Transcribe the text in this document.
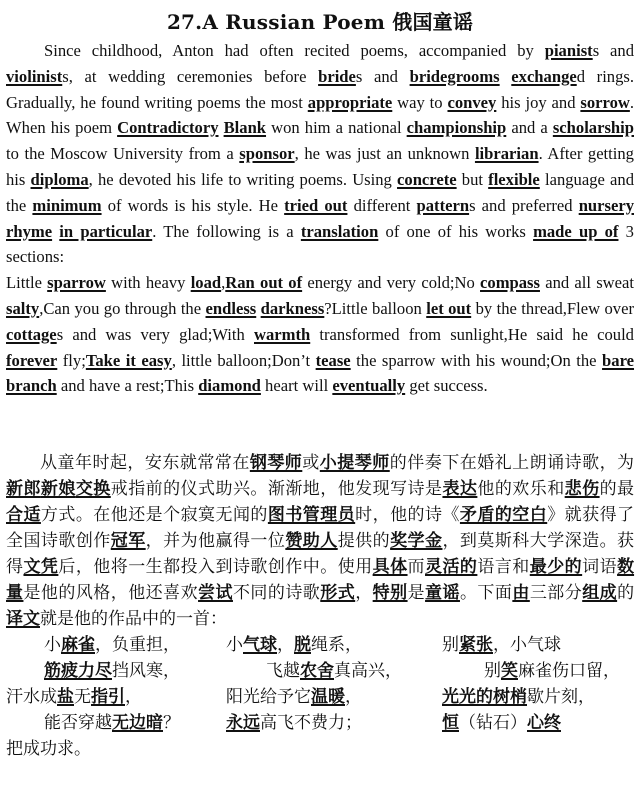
27.A Russian Poem 俄国童谣

Since childhood, Anton had often recited poems, accompanied by pianists and violinists, at wedding ceremonies before brides and bridegrooms exchanged rings. Gradually, he found writing poems the most appropriate way to convey his joy and sorrow. When his poem Contradictory Blank won him a national championship and a scholarship to the Moscow University from a sponsor, he was just an unknown librarian. After getting his diploma, he devoted his life to writing poems. Using concrete but flexible language and the minimum of words is his style. He tried out different patterns and preferred nursery rhyme in particular. The following is a translation of one of his works made up of 3 sections:

Little sparrow with heavy load,Ran out of energy and very cold;No compass and all sweat salty,Can you go through the endless darkness?Little balloon let out by the thread,Flew over cottages and was very glad;With warmth transformed from sunlight,He said he could forever fly;Take it easy, little balloon;Don’t tease the sparrow with his wound;On the bare branch and have a rest;This diamond heart will eventually get success.

从童年时起，安东就常常在钢琴师或小提琴师的伴奏下在婚礼上朗诵诗歌，为新郎新娘交换戒指前的仪式助兴。渐渐地，他发现写诗是表达他的欢乐和悲伤的最合适方式。在他还是个寂寞无闻的图书管理员时，他的诗《矛盾的空白》就获得了全国诗歌创作冠军，并为他赢得一位赞助人提供的奖学金，到莫斯科大学深造。获得文凭后，他将一生都投入到诗歌创作中。使用具体而灵活的语言和最少的词语数量是他的风格，他还喜欢尝试不同的诗歌形式，特别是童谣。下面由三部分组成的译文就是他的作品中的一首：

小麻雀，负重担，	小气球，脱绳系，	别紧张，小气球
筋疲力尽挡风寒，	飞越农舍真高兴，	别笑麻雀伤口留，
汗水成盐无指引，	阳光给予它温暖，	光光的树梢歇片刻，
能否穿越无边暗？	永远高飞不费力；	恒（钻石）心终
把成功求。
